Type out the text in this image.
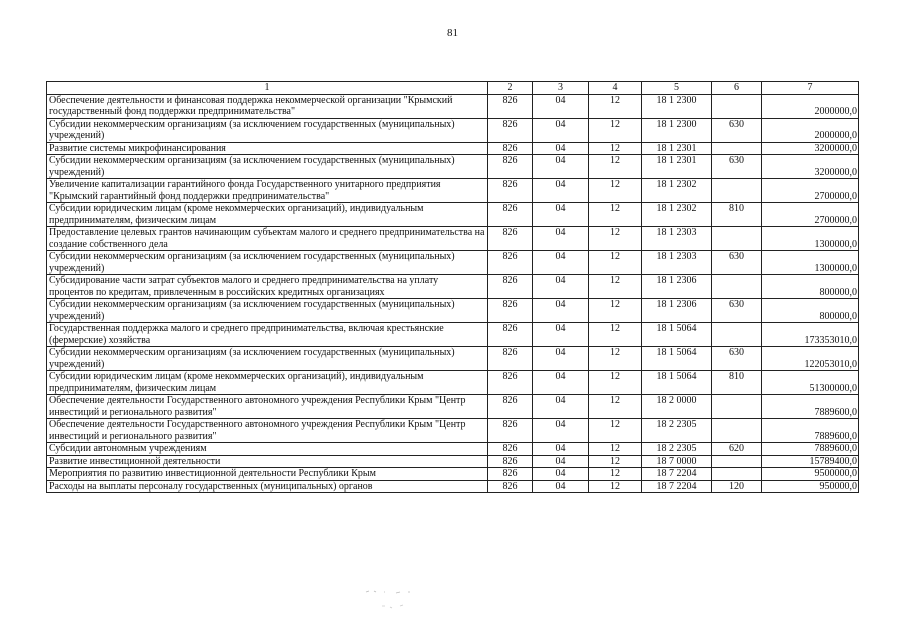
81
1	2	3	4	5	6	7
Обеспечение деятельности и финансовая поддержка некоммерческой организации "Крымский государственный фонд поддержки предпринимательства"	826	04	12	18 1 2300		2000000,0
Субсидии некоммерческим организациям (за исключением государственных (муниципальных) учреждений)	826	04	12	18 1 2300	630	2000000,0
Развитие системы микрофинансирования	826	04	12	18 1 2301		3200000,0
Субсидии некоммерческим организациям (за исключением государственных (муниципальных) учреждений)	826	04	12	18 1 2301	630	3200000,0
Увеличение капитализации гарантийного фонда Государственного унитарного предприятия "Крымский гарантийный фонд поддержки предпринимательства"	826	04	12	18 1 2302		2700000,0
Субсидии юридическим лицам (кроме некоммерческих организаций), индивидуальным предпринимателям, физическим лицам	826	04	12	18 1 2302	810	2700000,0
Предоставление целевых грантов начинающим субъектам малого и среднего предпринимательства на создание собственного дела	826	04	12	18 1 2303		1300000,0
Субсидии некоммерческим организациям (за исключением государственных (муниципальных) учреждений)	826	04	12	18 1 2303	630	1300000,0
Субсидирование части затрат субъектов малого и среднего предпринимательства на уплату процентов по кредитам, привлеченным в российских кредитных организациях	826	04	12	18 1 2306		800000,0
Субсидии некоммерческим организациям (за исключением государственных (муниципальных) учреждений)	826	04	12	18 1 2306	630	800000,0
Государственная поддержка малого и среднего предпринимательства, включая крестьянские (фермерские) хозяйства	826	04	12	18 1 5064		173353010,0
Субсидии некоммерческим организациям (за исключением государственных (муниципальных) учреждений)	826	04	12	18 1 5064	630	122053010,0
Субсидии юридическим лицам (кроме некоммерческих организаций), индивидуальным предпринимателям, физическим лицам	826	04	12	18 1 5064	810	51300000,0
Обеспечение деятельности Государственного автономного учреждения Республики Крым "Центр инвестиций и регионального развития"	826	04	12	18 2 0000		7889600,0
Обеспечение деятельности Государственного автономного учреждения Республики Крым "Центр инвестиций и регионального развития"	826	04	12	18 2 2305		7889600,0
Субсидии автономным учреждениям	826	04	12	18 2 2305	620	7889600,0
Развитие инвестиционной деятельности	826	04	12	18 7 0000		15789400,0
Мероприятия по развитию инвестиционной деятельности Республики Крым	826	04	12	18 7 2204		9500000,0
Расходы на выплаты персоналу государственных (муниципальных) органов	826	04	12	18 7 2204	120	950000,0
